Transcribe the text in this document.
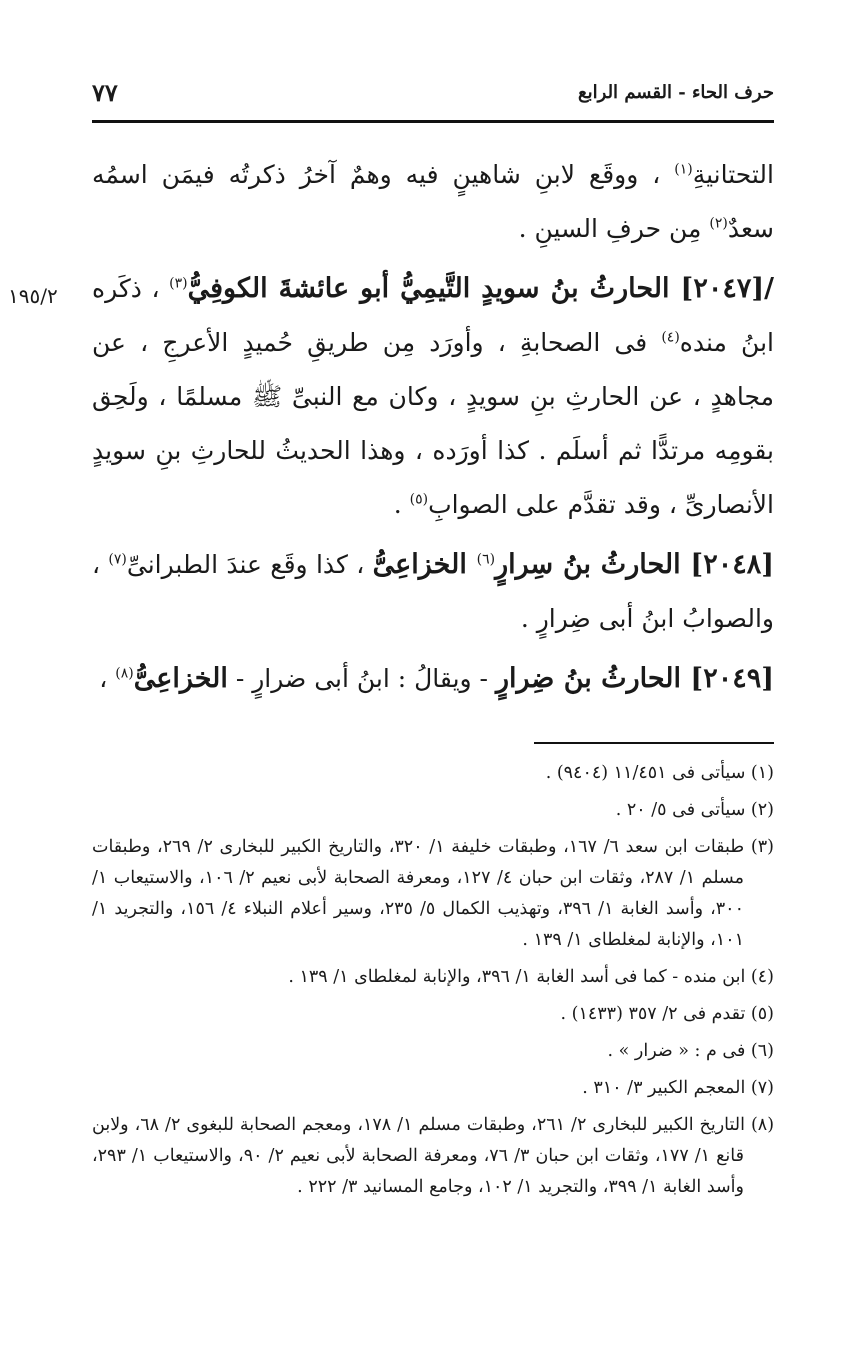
٧٧	حرف الحاء - القسم الرابع
١٩٥/٢

التحتانيةِ$^{(١)}$ ، ووقَع لابنِ شاهينٍ فيه وهمٌ آخرُ ذكرتُه فيمَن اسمُه سعدٌ$^{(٢)}$ مِن حرفِ السينِ .

/[٢٠٤٧] الحارثُ بنُ سويدٍ التَّيمِيُّ أبو عائشةَ الكوفِيُّ$^{(٣)}$ ، ذكَره ابنُ منده$^{(٤)}$ فى الصحابةِ ، وأورَد مِن طريقِ حُميدٍ الأعرجِ ، عن مجاهدٍ ، عن الحارثِ بنِ سويدٍ ، وكان مع النبىِّ ﷺ مسلمًا ، ولَحِق بقومِه مرتدًّا ثم أسلَم . كذا أورَده ، وهذا الحديثُ للحارثِ بنِ سويدٍ الأنصارىِّ ، وقد تقدَّم على الصوابِ$^{(٥)}$ .

[٢٠٤٨] الحارثُ بنُ سِرارٍ$^{(٦)}$ الخزاعِىُّ ، كذا وقَع عندَ الطبرانىِّ$^{(٧)}$ ، والصوابُ ابنُ أبى ضِرارٍ .

[٢٠٤٩] الحارثُ بنُ ضِرارٍ - ويقالُ : ابنُ أبى ضرارٍ - الخزاعِىُّ$^{(٨)}$ ،

(١) سيأتى فى ١١/٤٥١ (٩٤٠٤) .

(٢) سيأتى فى ٥/ ٢٠ .

(٣) طبقات ابن سعد ٦/ ١٦٧، وطبقات خليفة ١/ ٣٢٠، والتاريخ الكبير للبخارى ٢/ ٢٦٩، وطبقات مسلم ١/ ٢٨٧، وثقات ابن حبان ٤/ ١٢٧، ومعرفة الصحابة لأبى نعيم ٢/ ١٠٦، والاستيعاب ١/ ٣٠٠، وأسد الغابة ١/ ٣٩٦، وتهذيب الكمال ٥/ ٢٣٥، وسير أعلام النبلاء ٤/ ١٥٦، والتجريد ١/ ١٠١، والإنابة لمغلطاى ١/ ١٣٩ .

(٤) ابن منده - كما فى أسد الغابة ١/ ٣٩٦، والإنابة لمغلطاى ١/ ١٣٩ .

(٥) تقدم فى ٢/ ٣٥٧ (١٤٣٣) .

(٦) فى م : « ضرار » .

(٧) المعجم الكبير ٣/ ٣١٠ .

(٨) التاريخ الكبير للبخارى ٢/ ٢٦١، وطبقات مسلم ١/ ١٧٨، ومعجم الصحابة للبغوى ٢/ ٦٨، ولابن قانع ١/ ١٧٧، وثقات ابن حبان ٣/ ٧٦، ومعرفة الصحابة لأبى نعيم ٢/ ٩٠، والاستيعاب ١/ ٢٩٣، وأسد الغابة ١/ ٣٩٩، والتجريد ١/ ١٠٢، وجامع المسانيد ٣/ ٢٢٢ .
